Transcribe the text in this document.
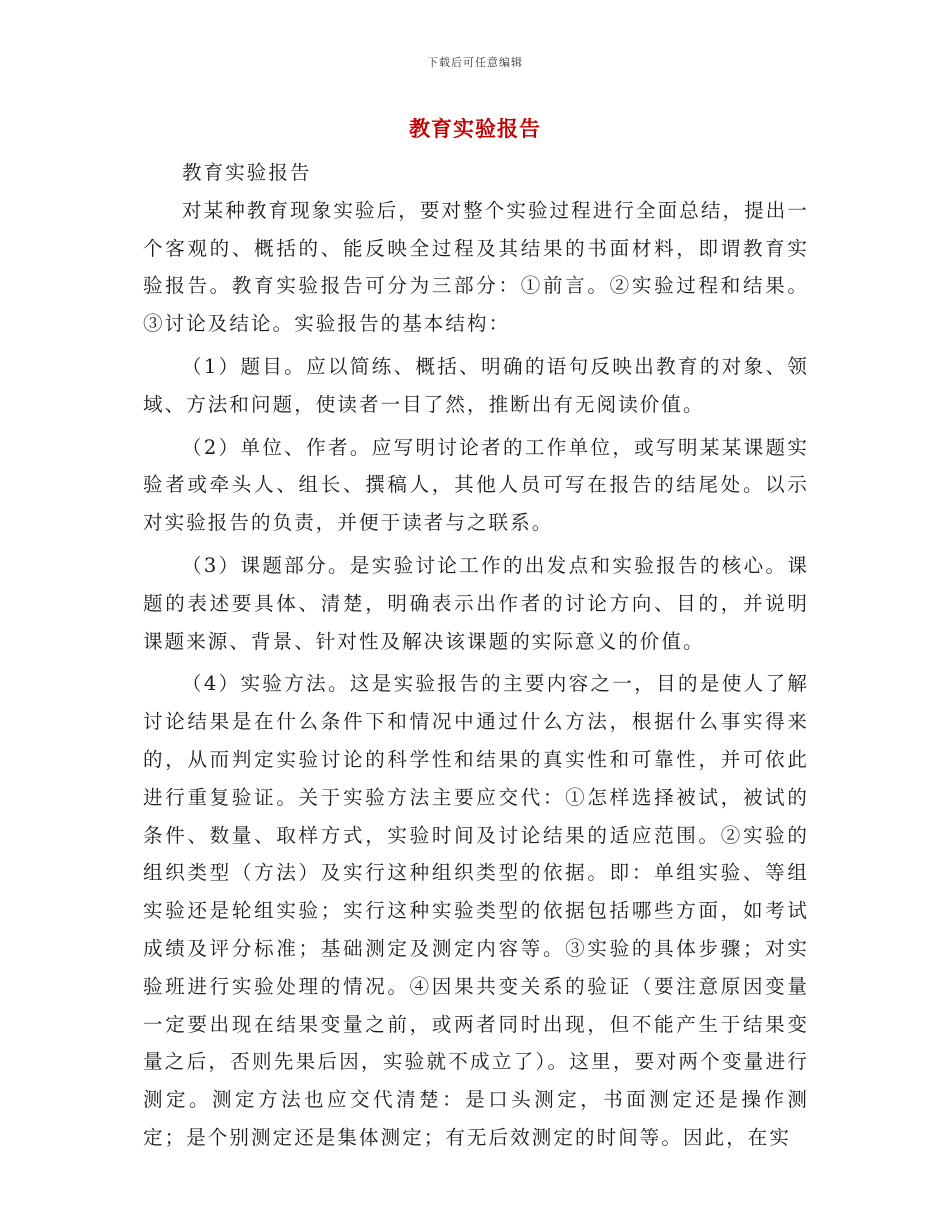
下载后可任意编辑
教育实验报告

教育实验报告

对某种教育现象实验后，要对整个实验过程进行全面总结，提出一个客观的、概括的、能反映全过程及其结果的书面材料，即谓教育实验报告。教育实验报告可分为三部分：①前言。②实验过程和结果。③讨论及结论。实验报告的基本结构：

（1）题目。应以简练、概括、明确的语句反映出教育的对象、领域、方法和问题，使读者一目了然，推断出有无阅读价值。

（2）单位、作者。应写明讨论者的工作单位，或写明某某课题实验者或牵头人、组长、撰稿人，其他人员可写在报告的结尾处。以示对实验报告的负责，并便于读者与之联系。

（3）课题部分。是实验讨论工作的出发点和实验报告的核心。课题的表述要具体、清楚，明确表示出作者的讨论方向、目的，并说明课题来源、背景、针对性及解决该课题的实际意义的价值。

（4）实验方法。这是实验报告的主要内容之一，目的是使人了解讨论结果是在什么条件下和情况中通过什么方法，根据什么事实得来的，从而判定实验讨论的科学性和结果的真实性和可靠性，并可依此进行重复验证。关于实验方法主要应交代：①怎样选择被试，被试的条件、数量、取样方式，实验时间及讨论结果的适应范围。②实验的组织类型（方法）及实行这种组织类型的依据。即：单组实验、等组实验还是轮组实验；实行这种实验类型的依据包括哪些方面，如考试成绩及评分标准；基础测定及测定内容等。③实验的具体步骤；对实验班进行实验处理的情况。④因果共变关系的验证（要注意原因变量一定要出现在结果变量之前，或两者同时出现，但不能产生于结果变量之后，否则先果后因，实验就不成立了）。这里，要对两个变量进行测定。测定方法也应交代清楚：是口头测定，书面测定还是操作测定；是个别测定还是集体测定；有无后效测定的时间等。因此，在实
